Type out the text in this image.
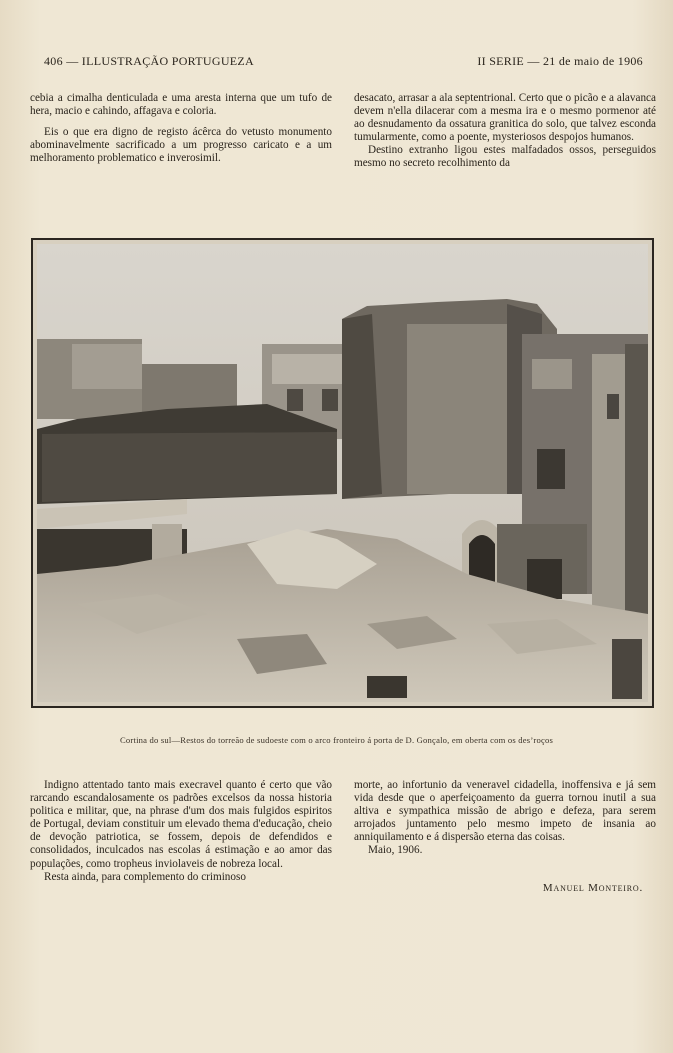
406 — ILLUSTRAÇÃO PORTUGUEZA	II SERIE — 21 de maio de 1906

cebia a cimalha denticulada e uma aresta interna que um tufo de hera, macio e cahindo, affagava e coloria.

Eis o que era digno de registo ácêrca do vetusto monumento abominavelmente sacrificado a um progresso caricato e a um melhoramento problematico e inverosimil.

desacato, arrasar a ala septentrional. Certo que o picão e a alavanca devem n'ella dilacerar com a mesma ira e o mesmo pormenor até ao desnudamento da ossatura granitica do solo, que talvez esconda tumularmente, como a poente, mysteriosos despojos humanos.

Destino extranho ligou estes malfadados ossos, perseguidos mesmo no secreto recolhimento da

Cortina do sul—Restos do torreão de sudoeste com o arco fronteiro á porta de D. Gonçalo, em oberta com os des’roços

Indigno attentado tanto mais execravel quanto é certo que vão rarcando escandalosamente os padrões excelsos da nossa historia politica e militar, que, na phrase d'um dos mais fulgidos espiritos de Portugal, deviam constituir um elevado thema d'educação, cheio de devoção patriotica, se fossem, depois de defendidos e consolidados, inculcados nas escolas á estimação e ao amor das populações, como tropheus inviolaveis de nobreza local.

Resta ainda, para complemento do criminoso

morte, ao infortunio da veneravel cidadella, inoffensiva e já sem vida desde que o aperfeiçoamento da guerra tornou inutil a sua altiva e sympathica missão de abrigo e defeza, para serem arrojados juntamento pelo mesmo impeto de insania ao anniquilamento e á dispersão eterna das coisas.

Maio, 1906.

Manuel Monteiro.
